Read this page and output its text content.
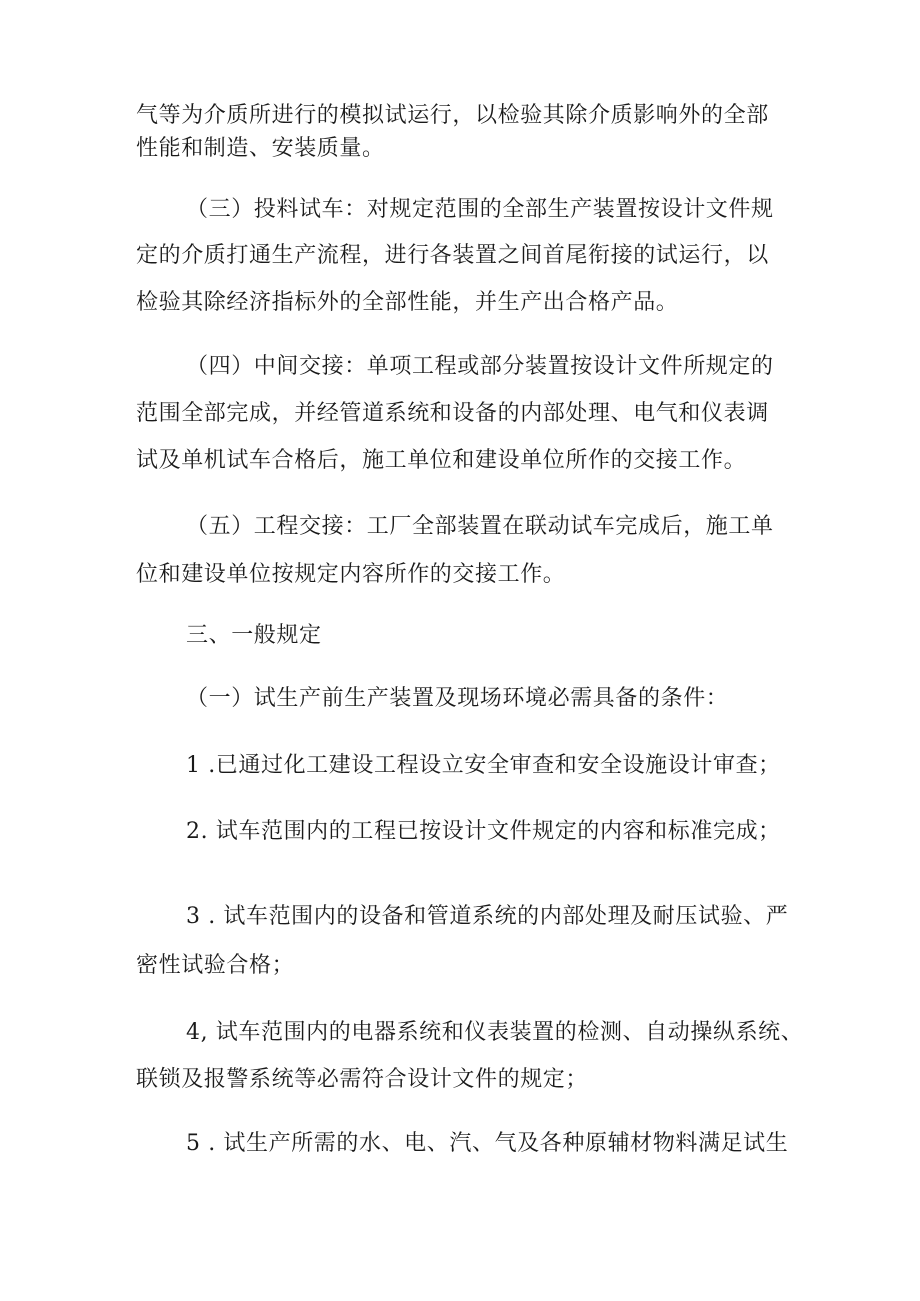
气等为介质所进行的模拟试运行，以检验其除介质影响外的全部
性能和制造、安装质量。
（三）投料试车：对规定范围的全部生产装置按设计文件规
定的介质打通生产流程，进行各装置之间首尾衔接的试运行，以
检验其除经济指标外的全部性能，并生产出合格产品。
（四）中间交接：单项工程或部分装置按设计文件所规定的
范围全部完成，并经管道系统和设备的内部处理、电气和仪表调
试及单机试车合格后，施工单位和建设单位所作的交接工作。
（五）工程交接：工厂全部装置在联动试车完成后，施工单
位和建设单位按规定内容所作的交接工作。
三、一般规定
（一）试生产前生产装置及现场环境必需具备的条件：
1 .已通过化工建设工程设立安全审查和安全设施设计审查；
2. 试车范围内的工程已按设计文件规定的内容和标准完成；
3 . 试车范围内的设备和管道系统的内部处理及耐压试验、严
密性试验合格；
4, 试车范围内的电器系统和仪表装置的检测、自动操纵系统、
联锁及报警系统等必需符合设计文件的规定；
5 . 试生产所需的水、电、汽、气及各种原辅材物料满足试生
